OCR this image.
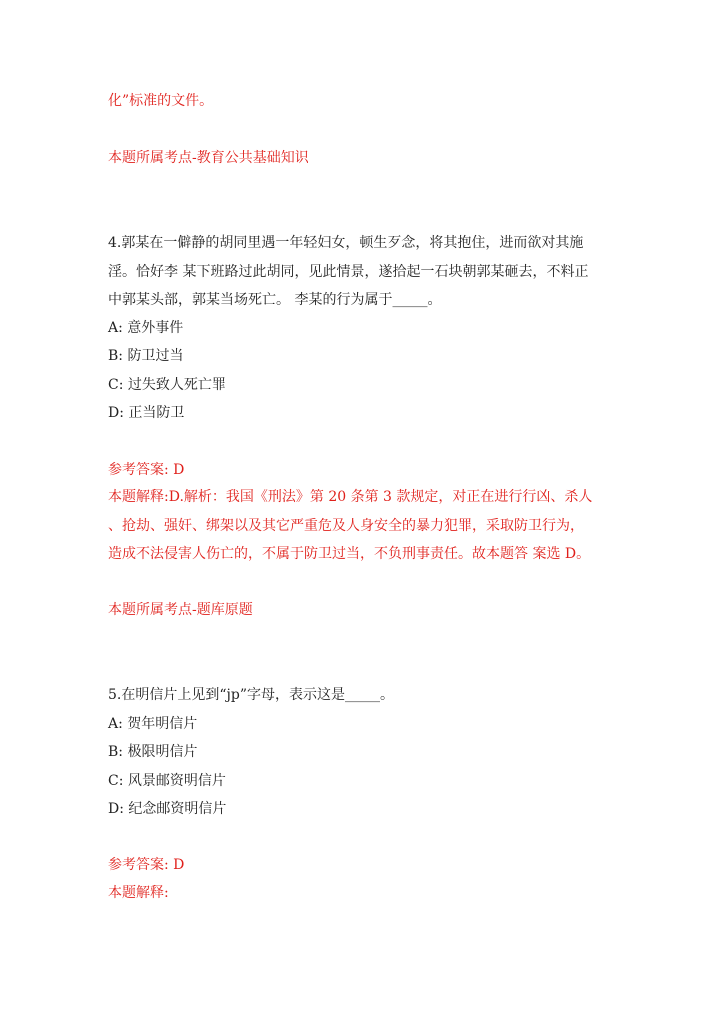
化”标准的文件。
本题所属考点-教育公共基础知识
4.郭某在一僻静的胡同里遇一年轻妇女，顿生歹念，将其抱住，进而欲对其施
淫。恰好李 某下班路过此胡同，见此情景，遂拾起一石块朝郭某砸去，不料正
中郭某头部，郭某当场死亡。 李某的行为属于_____。
A: 意外事件
B: 防卫过当
C: 过失致人死亡罪
D: 正当防卫
参考答案: D
本题解释:D.解析：我国《刑法》第 20 条第 3 款规定，对正在进行行凶、杀人
、抢劫、强奸、绑架以及其它严重危及人身安全的暴力犯罪，采取防卫行为，
造成不法侵害人伤亡的，不属于防卫过当，不负刑事责任。故本题答 案选 D。
本题所属考点-题库原题
5.在明信片上见到“jp”字母，表示这是_____。
A: 贺年明信片
B: 极限明信片
C: 风景邮资明信片
D: 纪念邮资明信片
参考答案: D
本题解释:
